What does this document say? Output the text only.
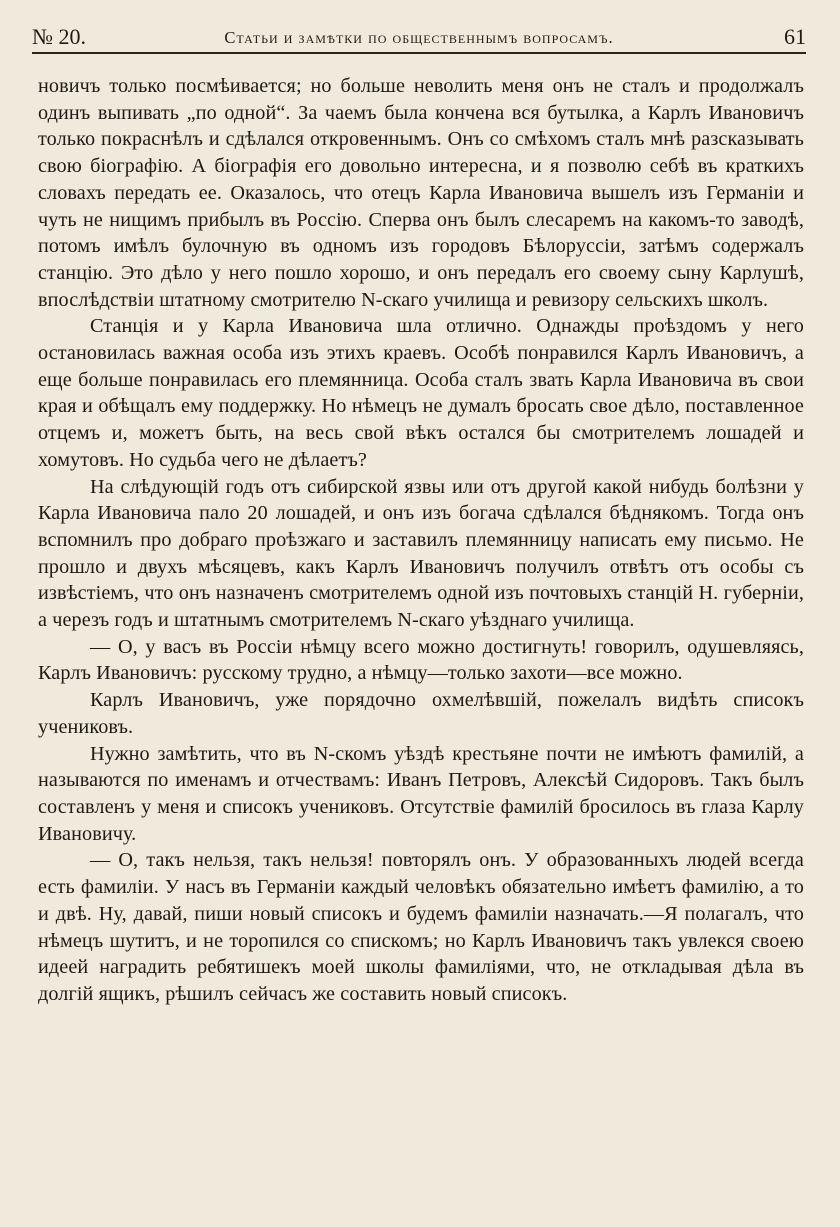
№ 20.	Статьи и замѣтки по общественнымъ вопросамъ.	61

новичъ только посмѣивается; но больше неволить меня онъ не сталъ и продолжалъ одинъ выпивать „по одной“. За чаемъ была кончена вся бутылка, а Карлъ Ивановичъ только покраснѣлъ и сдѣлался откровеннымъ. Онъ со смѣхомъ сталъ мнѣ разсказывать свою біографію. А біографія его довольно интересна, и я позволю себѣ въ краткихъ словахъ передать ее. Оказалось, что отецъ Карла Ивановича вышелъ изъ Германіи и чуть не нищимъ прибылъ въ Россію. Сперва онъ былъ слесаремъ на какомъ-то заводѣ, потомъ имѣлъ булочную въ одномъ изъ городовъ Бѣлоруссіи, затѣмъ содержалъ станцію. Это дѣло у него пошло хорошо, и онъ передалъ его своему сыну Карлушѣ, впослѣдствіи штатному смотрителю N-скаго училища и ревизору сельскихъ школъ.

Станція и у Карла Ивановича шла отлично. Однажды проѣздомъ у него остановилась важная особа изъ этихъ краевъ. Особѣ понравился Карлъ Ивановичъ, а еще больше понравилась его племянница. Особа сталъ звать Карла Ивановича въ свои края и обѣщалъ ему поддержку. Но нѣмецъ не думалъ бросать свое дѣло, поставленное отцемъ и, можетъ быть, на весь свой вѣкъ остался бы смотрителемъ лошадей и хомутовъ. Но судьба чего не дѣлаетъ?

На слѣдующій годъ отъ сибирской язвы или отъ другой какой нибудь болѣзни у Карла Ивановича пало 20 лошадей, и онъ изъ богача сдѣлался бѣднякомъ. Тогда онъ вспомнилъ про добраго проѣзжаго и заставилъ племянницу написать ему письмо. Не прошло и двухъ мѣсяцевъ, какъ Карлъ Ивановичъ получилъ отвѣтъ отъ особы съ извѣстіемъ, что онъ назначенъ смотрителемъ одной изъ почтовыхъ станцій Н. губерніи, а черезъ годъ и штатнымъ смотрителемъ N-скаго уѣзднаго училища.

— О, у васъ въ Россіи нѣмцу всего можно достигнуть! говорилъ, одушевляясь, Карлъ Ивановичъ: русскому трудно, а нѣмцу—только захоти—все можно.

Карлъ Ивановичъ, уже порядочно охмелѣвшій, пожелалъ видѣть списокъ учениковъ.

Нужно замѣтить, что въ N-скомъ уѣздѣ крестьяне почти не имѣютъ фамилій, а называются по именамъ и отчествамъ: Иванъ Петровъ, Алексѣй Сидоровъ. Такъ былъ составленъ у меня и списокъ учениковъ. Отсутствіе фамилій бросилось въ глаза Карлу Ивановичу.

— О, такъ нельзя, такъ нельзя! повторялъ онъ. У образованныхъ людей всегда есть фамиліи. У насъ въ Германіи каждый человѣкъ обязательно имѣетъ фамилію, а то и двѣ. Ну, давай, пиши новый списокъ и будемъ фамиліи назначать.—Я полагалъ, что нѣмецъ шутитъ, и не торопился со спискомъ; но Карлъ Ивановичъ такъ увлекся своею идеей наградить ребятишекъ моей школы фамиліями, что, не откладывая дѣла въ долгій ящикъ, рѣшилъ сейчасъ же составить новый списокъ.
